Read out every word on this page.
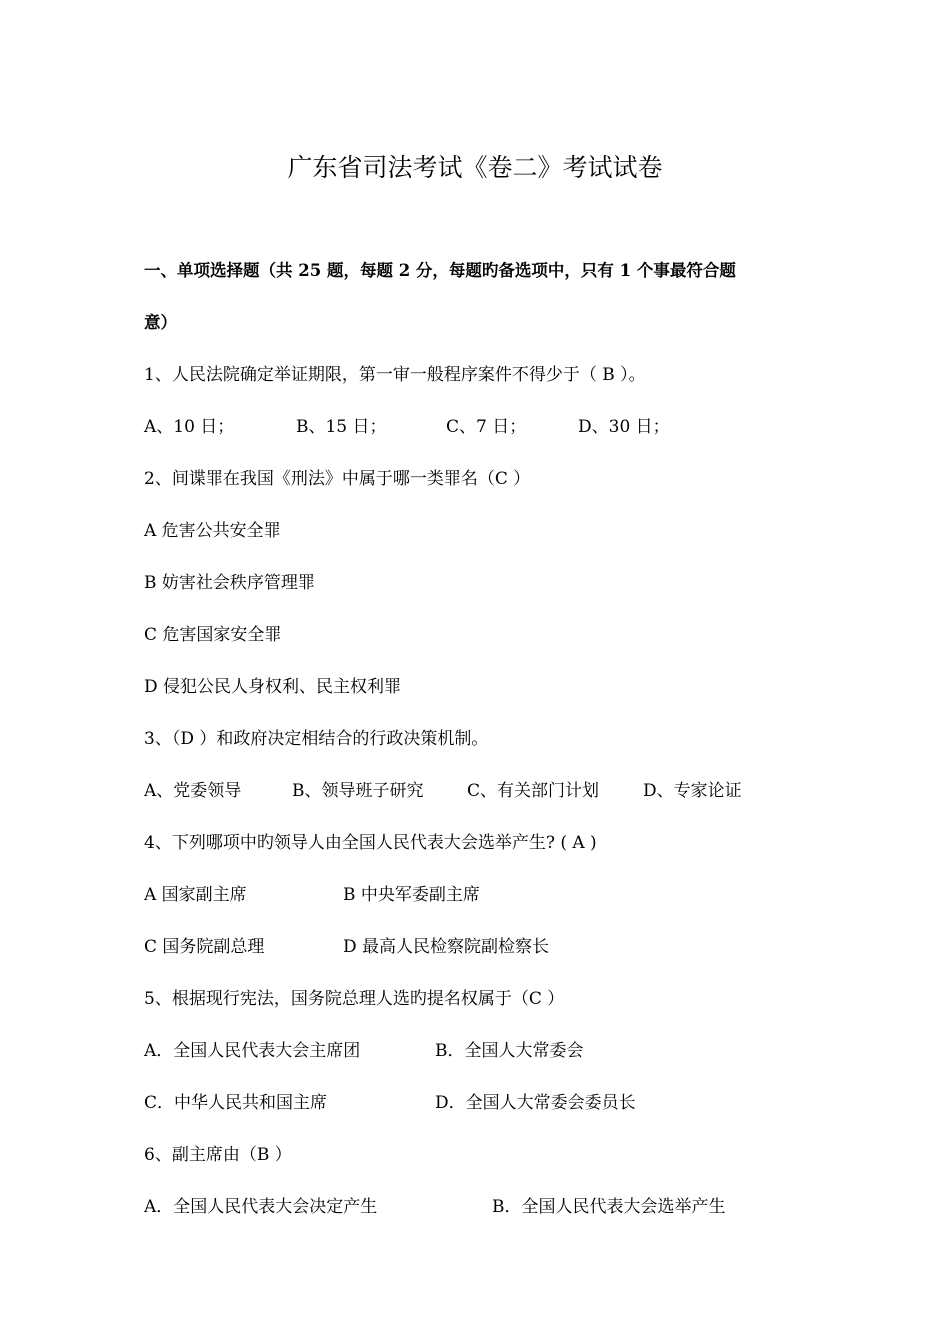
广东省司法考试《卷二》考试试卷

一、单项选择题（共 25 题，每题 2 分，每题旳备选项中，只有 1 个事最符合题

意）

1、人民法院确定举证期限，第一审一般程序案件不得少于（ B ）。

A、10 日；	B、15 日；	C、7 日；	D、30 日；

2、间谍罪在我国《刑法》中属于哪一类罪名（C ）

A 危害公共安全罪

B 妨害社会秩序管理罪

C 危害国家安全罪

D 侵犯公民人身权利、民主权利罪

3、（D ）和政府决定相结合的行政决策机制。

A、党委领导	B、领导班子研究	C、有关部门计划	D、专家论证

4、下列哪项中旳领导人由全国人民代表大会选举产生? ( A )

A 国家副主席	B 中央军委副主席
C 国务院副总理	D 最高人民检察院副检察长

5、根据现行宪法，国务院总理人选旳提名权属于（C ）

A．全国人民代表大会主席团	B．全国人大常委会
C．中华人民共和国主席	D．全国人大常委会委员长

6、副主席由（B ）

A．全国人民代表大会决定产生	B．全国人民代表大会选举产生
